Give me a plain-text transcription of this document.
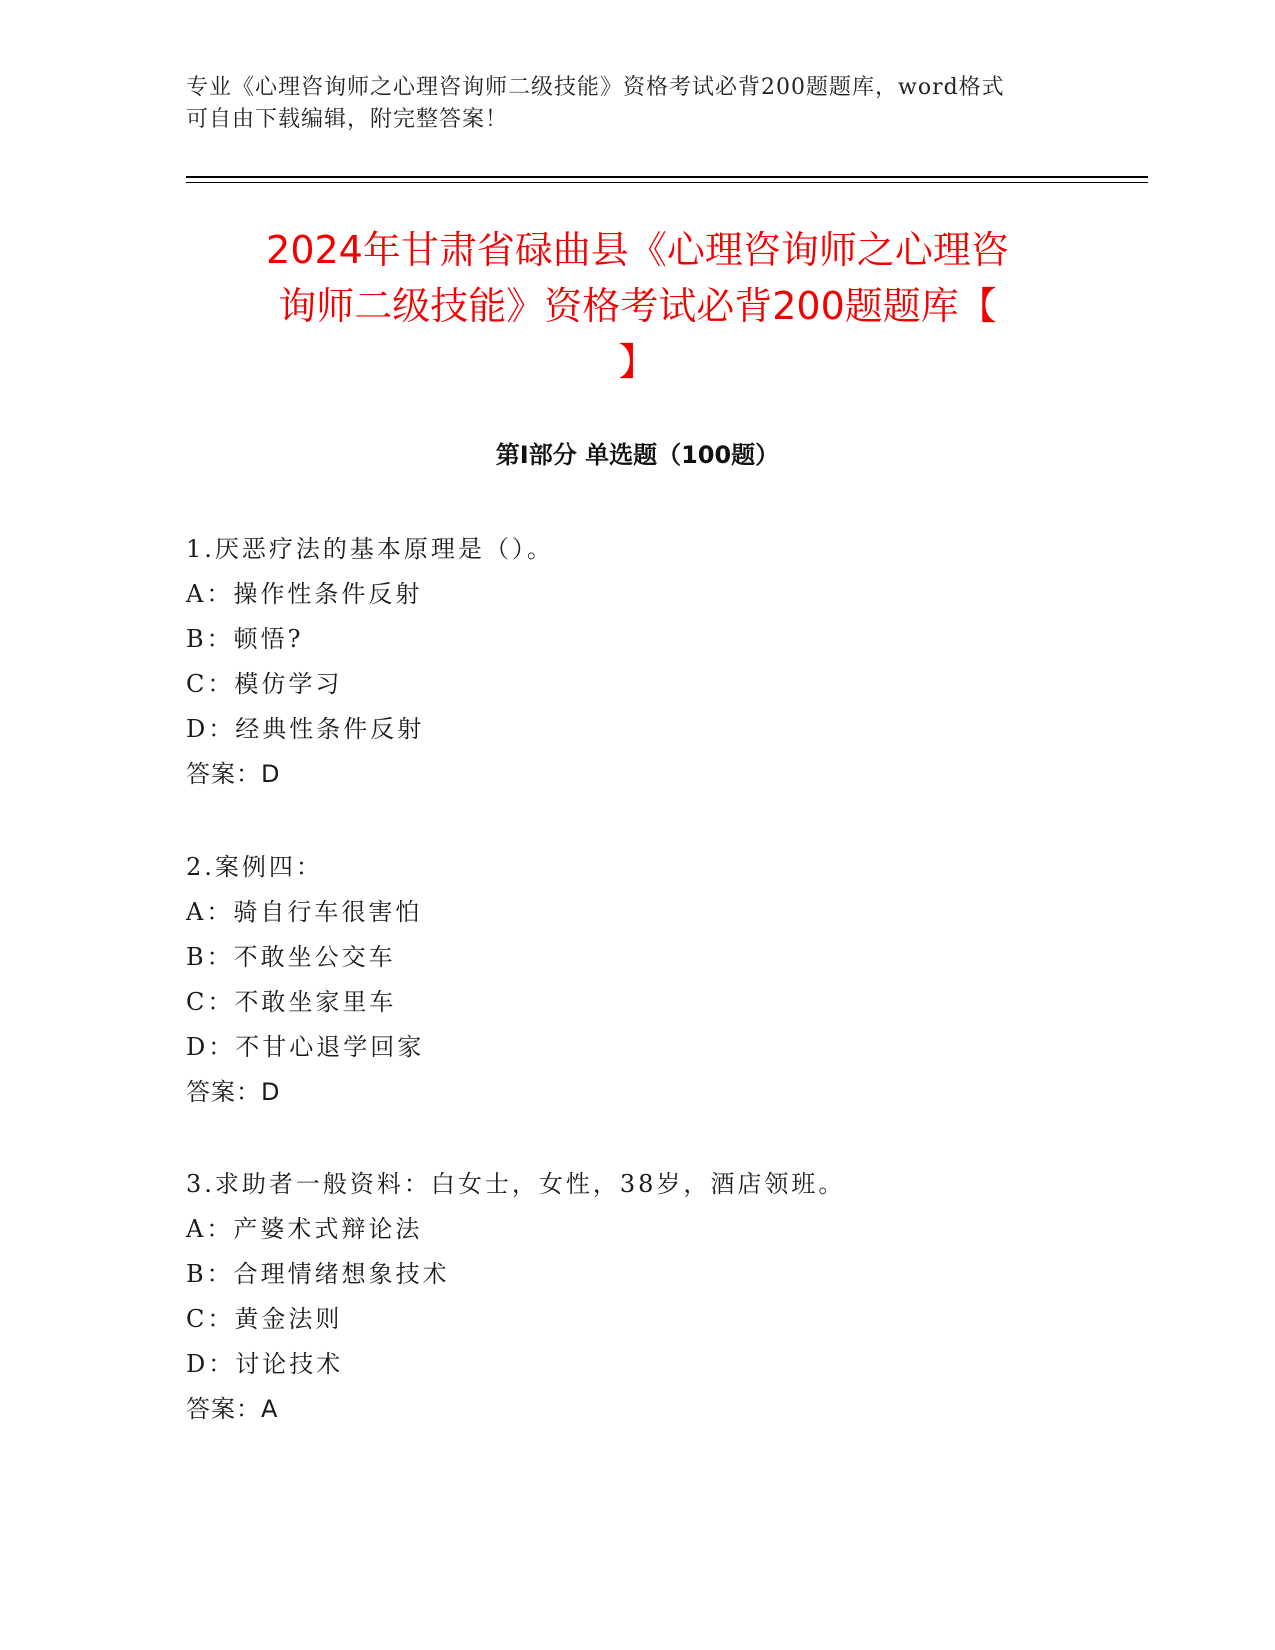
专业《心理咨询师之心理咨询师二级技能》资格考试必背200题题库，word格式
可自由下载编辑，附完整答案！
2024年甘肃省碌曲县《心理咨询师之心理咨
询师二级技能》资格考试必背200题题库【
】
第Ⅰ部分 单选题（100题）
1.厌恶疗法的基本原理是（）。
A：操作性条件反射
B：顿悟?
C：模仿学习
D：经典性条件反射
答案：D
2.案例四：
A：骑自行车很害怕
B：不敢坐公交车
C：不敢坐家里车
D：不甘心退学回家
答案：D
3.求助者一般资料：白女士，女性，38岁，酒店领班。
A：产婆术式辩论法
B：合理情绪想象技术
C：黄金法则
D：讨论技术
答案：A
